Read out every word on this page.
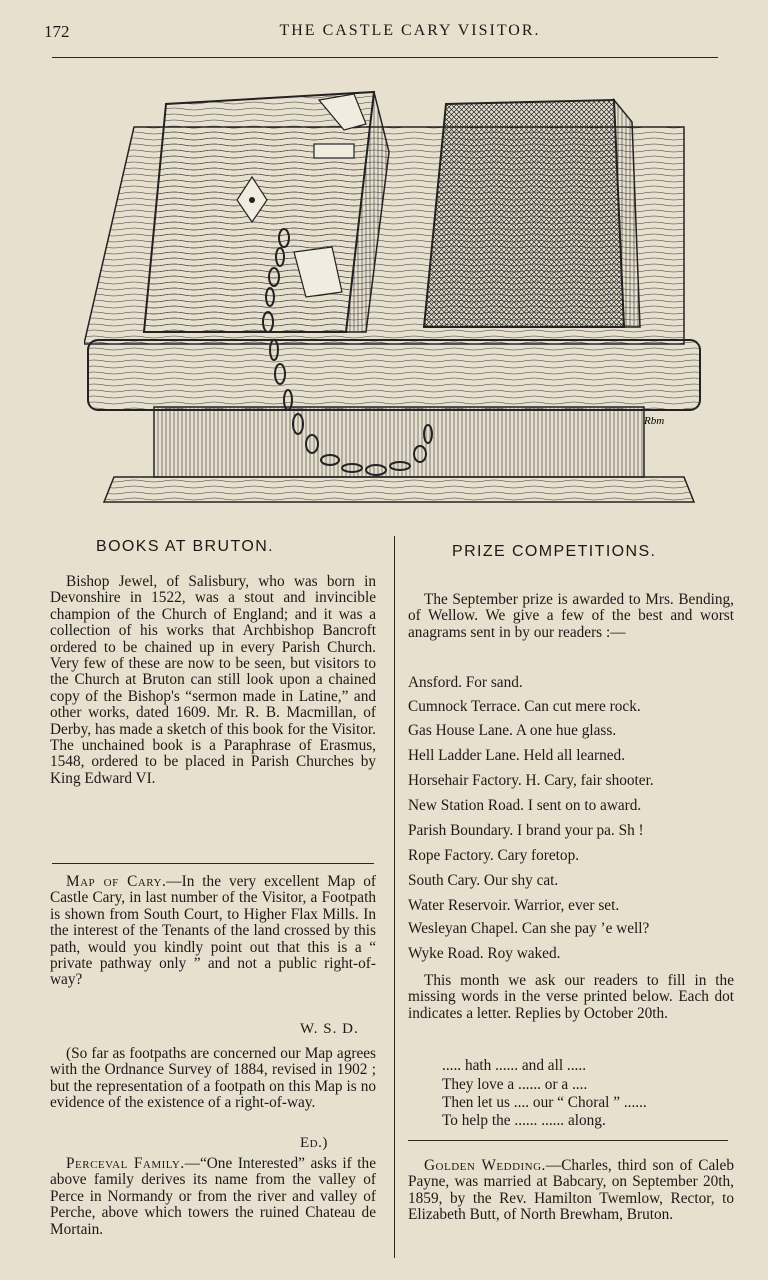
172	THE CASTLE CARY VISITOR.
Rbm
BOOKS AT BRUTON.

Bishop Jewel, of Salisbury, who was born in Devonshire in 1522, was a stout and invincible champion of the Church of England; and it was a collection of his works that Archbishop Bancroft ordered to be chained up in every Parish Church. Very few of these are now to be seen, but visitors to the Church at Bruton can still look upon a chained copy of the Bishop's “sermon made in Latine,” and other works, dated 1609. Mr. R. B. Macmillan, of Derby, has made a sketch of this book for the Visitor. The unchained book is a Paraphrase of Erasmus, 1548, ordered to be placed in Parish Churches by King Edward VI.

Map of Cary.—In the very excellent Map of Castle Cary, in last number of the Visitor, a Footpath is shown from South Court, to Higher Flax Mills. In the interest of the Tenants of the land crossed by this path, would you kindly point out that this is a “ private pathway only ” and not a public right-of-way?

W. S. D.

(So far as footpaths are concerned our Map agrees with the Ordnance Survey of 1884, revised in 1902 ; but the representation of a footpath on this Map is no evidence of the existence of a right-of-way.

Ed.)

Perceval Family.—“One Interested” asks if the above family derives its name from the valley of Perce in Normandy or from the river and valley of Perche, above which towers the ruined Chateau de Mortain.

PRIZE COMPETITIONS.

The September prize is awarded to Mrs. Bending, of Wellow. We give a few of the best and worst anagrams sent in by our readers :—

Ansford. For sand.
Cumnock Terrace. Can cut mere rock.
Gas House Lane. A one hue glass.
Hell Ladder Lane. Held all learned.
Horsehair Factory. H. Cary, fair shooter.
New Station Road. I sent on to award.
Parish Boundary. I brand your pa. Sh !
Rope Factory. Cary foretop.
South Cary. Our shy cat.
Water Reservoir. Warrior, ever set.
Wesleyan Chapel. Can she pay ’e well?
Wyke Road. Roy waked.

This month we ask our readers to fill in the missing words in the verse printed below. Each dot indicates a letter. Replies by October 20th.

..... hath ...... and all .....
They love a ...... or a ....
Then let us .... our “ Choral ” ......
To help the ...... ...... along.

Golden Wedding.—Charles, third son of Caleb Payne, was married at Babcary, on September 20th, 1859, by the Rev. Hamilton Twemlow, Rector, to Elizabeth Butt, of North Brewham, Bruton.
